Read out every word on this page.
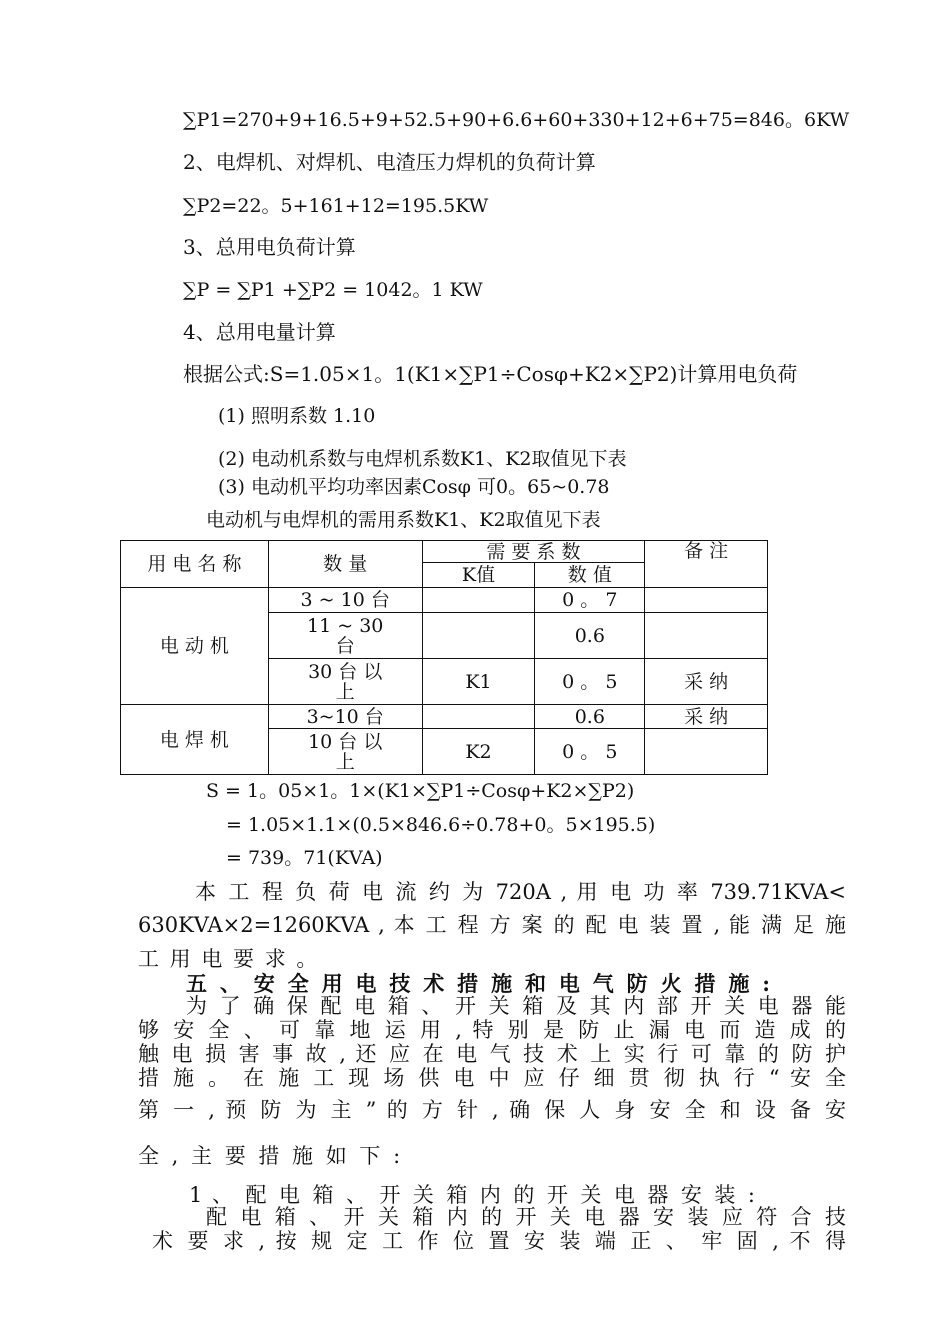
∑P1=270+9+16.5+9+52.5+90+6.6+60+330+12+6+75=846。6KW
2、电焊机、对焊机、电渣压力焊机的负荷计算
∑P2=22。5+161+12=195.5KW
3、总用电负荷计算
∑P = ∑P1 +∑P2 = 1042。1 KW
4、总用电量计算
根据公式:S=1.05×1。1(K1×∑P1÷Cosφ+K2×∑P2)计算用电负荷
(1) 照明系数 1.10
(2) 电动机系数与电焊机系数K1、K2取值见下表
(3) 电动机平均功率因素Cosφ 可0。65~0.78
电动机与电焊机的需用系数K1、K2取值见下表
用 电 名 称	数 量	需 要 系 数		备 注
		K值	数 值	
电 动 机	3 ~ 10 台		0 。 7	
	11 ~ 30 台		0.6	
	30 台 以 上	K1	0 。 5	采 纳
电 焊 机	3~10 台		0.6	采 纳
	10 台 以 上	K2	0 。 5	
S = 1。05×1。1×(K1×∑P1÷Cosφ+K2×∑P2)
= 1.05×1.1×(0.5×846.6÷0.78+0。5×195.5)
= 739。71(KVA)
本 工 程 负 荷 电 流 约 为 720A , 用 电 功 率 739.71KVA<
630KVA×2=1260KVA , 本 工 程 方 案 的 配 电 装 置 , 能 满 足 施
工 用 电 要 求 。
五 、 安 全 用 电 技 术 措 施 和 电 气 防 火 措 施 :
为 了 确 保 配 电 箱 、 开 关 箱 及 其 内 部 开 关 电 器 能
够 安 全 、 可 靠 地 运 用 , 特 别 是 防 止 漏 电 而 造 成 的
触 电 损 害 事 故 , 还 应 在 电 气 技 术 上 实 行 可 靠 的 防 护
措 施 。 在 施 工 现 场 供 电 中 应 仔 细 贯 彻 执 行 “ 安 全
第 一 , 预 防 为 主 ” 的 方 针 , 确 保 人 身 安 全 和 设 备 安
全 , 主 要 措 施 如 下 :
1 、 配 电 箱 、 开 关 箱 内 的 开 关 电 器 安 装 :
配 电 箱 、 开 关 箱 内 的 开 关 电 器 安 装 应 符 合 技
术 要 求 , 按 规 定 工 作 位 置 安 装 端 正 、 牢 固 , 不 得
